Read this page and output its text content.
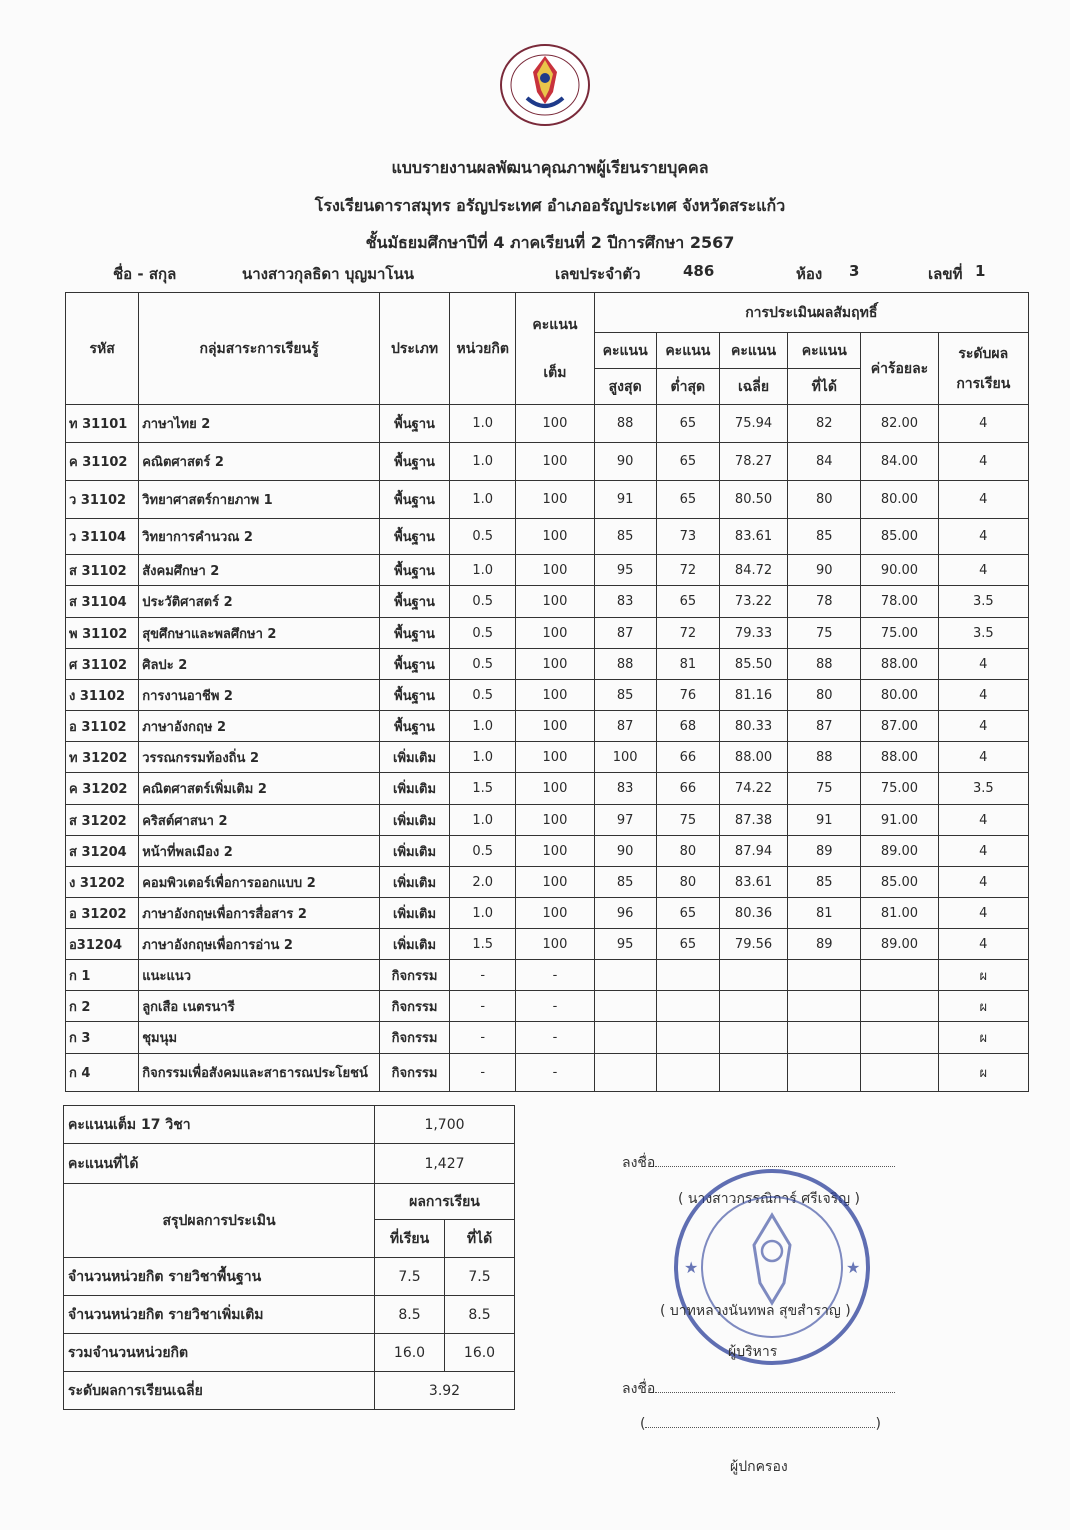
แบบรายงานผลพัฒนาคุณภาพผู้เรียนรายบุคคล
โรงเรียนดาราสมุทร อรัญประเทศ อำเภออรัญประเทศ จังหวัดสระแก้ว
ชั้นมัธยมศึกษาปีที่ 4 ภาคเรียนที่ 2 ปีการศึกษา 2567
ชื่อ - สกุล	นางสาวกุลธิดา บุญมาโนน	เลขประจำตัว	486	ห้อง 3	เลขที่ 1
รหัส	กลุ่มสาระการเรียนรู้	ประเภท	หน่วยกิต	คะแนน
เต็ม	การประเมินผลสัมฤทธิ์					
					คะแนน	คะแนน	คะแนน	คะแนน	ค่าร้อยละ	ระดับผล
การเรียน

					สูงสุด	ต่ำสุด	เฉลี่ย	ที่ได้		
ท 31101	ภาษาไทย 2	พื้นฐาน	1.0	100	88	65	75.94	82	82.00	4
ค 31102	คณิตศาสตร์ 2	พื้นฐาน	1.0	100	90	65	78.27	84	84.00	4
ว 31102	วิทยาศาสตร์กายภาพ 1	พื้นฐาน	1.0	100	91	65	80.50	80	80.00	4
ว 31104	วิทยาการคำนวณ 2	พื้นฐาน	0.5	100	85	73	83.61	85	85.00	4
ส 31102	สังคมศึกษา 2	พื้นฐาน	1.0	100	95	72	84.72	90	90.00	4
ส 31104	ประวัติศาสตร์ 2	พื้นฐาน	0.5	100	83	65	73.22	78	78.00	3.5
พ 31102	สุขศึกษาและพลศึกษา 2	พื้นฐาน	0.5	100	87	72	79.33	75	75.00	3.5
ศ 31102	ศิลปะ 2	พื้นฐาน	0.5	100	88	81	85.50	88	88.00	4
ง 31102	การงานอาชีพ 2	พื้นฐาน	0.5	100	85	76	81.16	80	80.00	4
อ 31102	ภาษาอังกฤษ 2	พื้นฐาน	1.0	100	87	68	80.33	87	87.00	4
ท 31202	วรรณกรรมท้องถิ่น 2	เพิ่มเติม	1.0	100	100	66	88.00	88	88.00	4
ค 31202	คณิตศาสตร์เพิ่มเติม 2	เพิ่มเติม	1.5	100	83	66	74.22	75	75.00	3.5
ส 31202	คริสต์ศาสนา 2	เพิ่มเติม	1.0	100	97	75	87.38	91	91.00	4
ส 31204	หน้าที่พลเมือง 2	เพิ่มเติม	0.5	100	90	80	87.94	89	89.00	4
ง 31202	คอมพิวเตอร์เพื่อการออกแบบ 2	เพิ่มเติม	2.0	100	85	80	83.61	85	85.00	4
อ 31202	ภาษาอังกฤษเพื่อการสื่อสาร 2	เพิ่มเติม	1.0	100	96	65	80.36	81	81.00	4
อ31204	ภาษาอังกฤษเพื่อการอ่าน 2	เพิ่มเติม	1.5	100	95	65	79.56	89	89.00	4
ก 1	แนะแนว	กิจกรรม	-	-						ผ
ก 2	ลูกเสือ เนตรนารี	กิจกรรม	-	-						ผ
ก 3	ชุมนุม	กิจกรรม	-	-						ผ
ก 4	กิจกรรมเพื่อสังคมและสาธารณประโยชน์	กิจกรรม	-	-						ผ
คะแนนเต็ม 17 วิชา	1,700	
คะแนนที่ได้	1,427	
สรุปผลการประเมิน	ผลการเรียน	
	ที่เรียน	ที่ได้
จำนวนหน่วยกิต รายวิชาพื้นฐาน	7.5	7.5
จำนวนหน่วยกิต รายวิชาเพิ่มเติม	8.5	8.5
รวมจำนวนหน่วยกิต	16.0	16.0
ระดับผลการเรียนเฉลี่ย	3.92	
ลงชื่อ
( นางสาวกรรณิการ์ ศรีเจริญ )
★	★
( บาทหลวงนันทพล สุขสำราญ )
ผู้บริหาร
ลงชื่อ
(	)
ผู้ปกครอง
